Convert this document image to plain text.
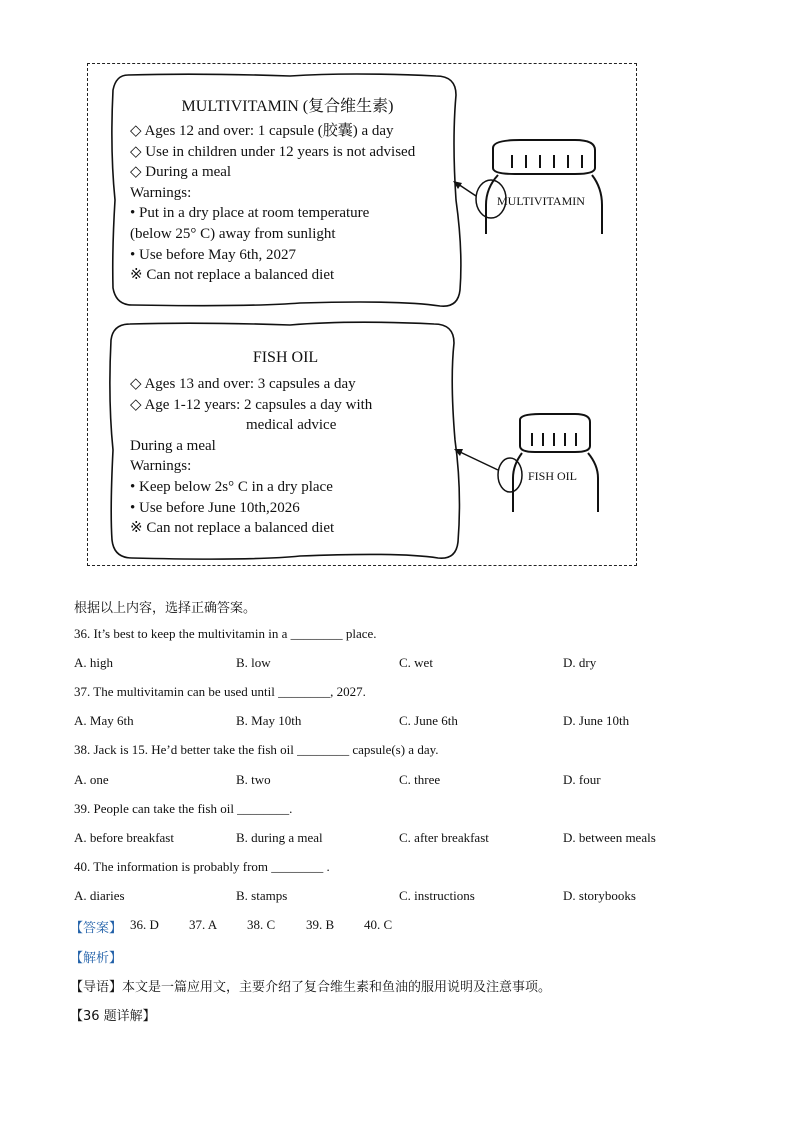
MULTIVITAMIN
FISH OIL
MULTIVITAMIN (复合维生素)
◇ Ages 12 and over: 1 capsule (胶囊) a day
◇ Use in children under 12 years is not advised
◇ During a meal
Warnings:
• Put in a dry place at room temperature
(below 25° C) away from sunlight
• Use before May 6th, 2027
※ Can not replace a balanced diet
FISH OIL
◇ Ages 13 and over: 3 capsules a day
◇ Age 1-12 years: 2 capsules a day with
medical advice
During a meal
Warnings:
• Keep below 2s° C in a dry place
• Use before June 10th,2026
※ Can not replace a balanced diet
根据以上内容，选择正确答案。
36. It’s best to keep the multivitamin in a ________ place.
A. high	B. low	C. wet	D. dry
37. The multivitamin can be used until ________, 2027.
A. May 6th	B. May 10th	C. June 6th	D. June 10th
38. Jack is 15. He’d better take the fish oil ________ capsule(s) a day.
A. one	B. two	C. three	D. four
39. People can take the fish oil ________.
A. before breakfast	B. during a meal	C. after breakfast	D. between meals
40. The information is probably from ________ .
A. diaries	B. stamps	C. instructions	D. storybooks
【答案】 36. D 37. A 38. C 39. B 40. C
【解析】
【导语】本文是一篇应用文，主要介绍了复合维生素和鱼油的服用说明及注意事项。
【36 题详解】
